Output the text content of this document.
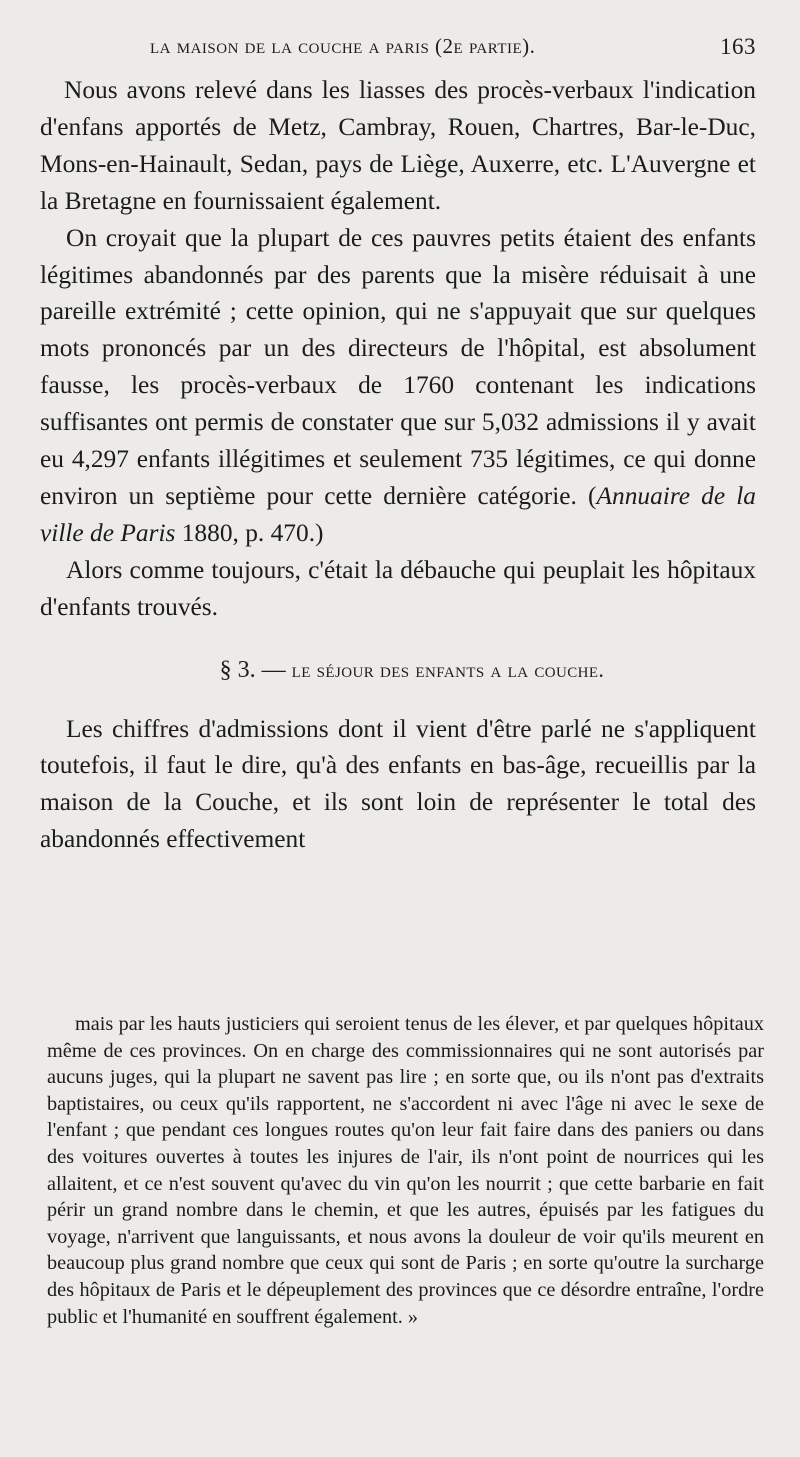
la maison de la couche a paris (2e partie).	163

Nous avons relevé dans les liasses des procès-verbaux l'indication d'enfans apportés de Metz, Cambray, Rouen, Chartres, Bar-le-Duc, Mons-en-Hainault, Sedan, pays de Liège, Auxerre, etc. L'Auvergne et la Bretagne en fournissaient également.

On croyait que la plupart de ces pauvres petits étaient des enfants légitimes abandonnés par des parents que la misère réduisait à une pareille extrémité ; cette opinion, qui ne s'appuyait que sur quelques mots prononcés par un des directeurs de l'hôpital, est absolument fausse, les procès-verbaux de 1760 contenant les indications suffisantes ont permis de constater que sur 5,032 admissions il y avait eu 4,297 enfants illégitimes et seulement 735 légitimes, ce qui donne environ un septième pour cette dernière catégorie. (Annuaire de la ville de Paris 1880, p. 470.)

Alors comme toujours, c'était la débauche qui peuplait les hôpitaux d'enfants trouvés.

§ 3. — le séjour des enfants a la couche.

Les chiffres d'admissions dont il vient d'être parlé ne s'appliquent toutefois, il faut le dire, qu'à des enfants en bas-âge, recueillis par la maison de la Couche, et ils sont loin de représenter le total des abandonnés effectivement

mais par les hauts justiciers qui seroient tenus de les élever, et par quelques hôpitaux même de ces provinces. On en charge des commissionnaires qui ne sont autorisés par aucuns juges, qui la plupart ne savent pas lire ; en sorte que, ou ils n'ont pas d'extraits baptistaires, ou ceux qu'ils rapportent, ne s'accordent ni avec l'âge ni avec le sexe de l'enfant ; que pendant ces longues routes qu'on leur fait faire dans des paniers ou dans des voitures ouvertes à toutes les injures de l'air, ils n'ont point de nourrices qui les allaitent, et ce n'est souvent qu'avec du vin qu'on les nourrit ; que cette barbarie en fait périr un grand nombre dans le chemin, et que les autres, épuisés par les fatigues du voyage, n'arrivent que languissants, et nous avons la douleur de voir qu'ils meurent en beaucoup plus grand nombre que ceux qui sont de Paris ; en sorte qu'outre la surcharge des hôpitaux de Paris et le dépeuplement des provinces que ce désordre entraîne, l'ordre public et l'humanité en souffrent également. »
